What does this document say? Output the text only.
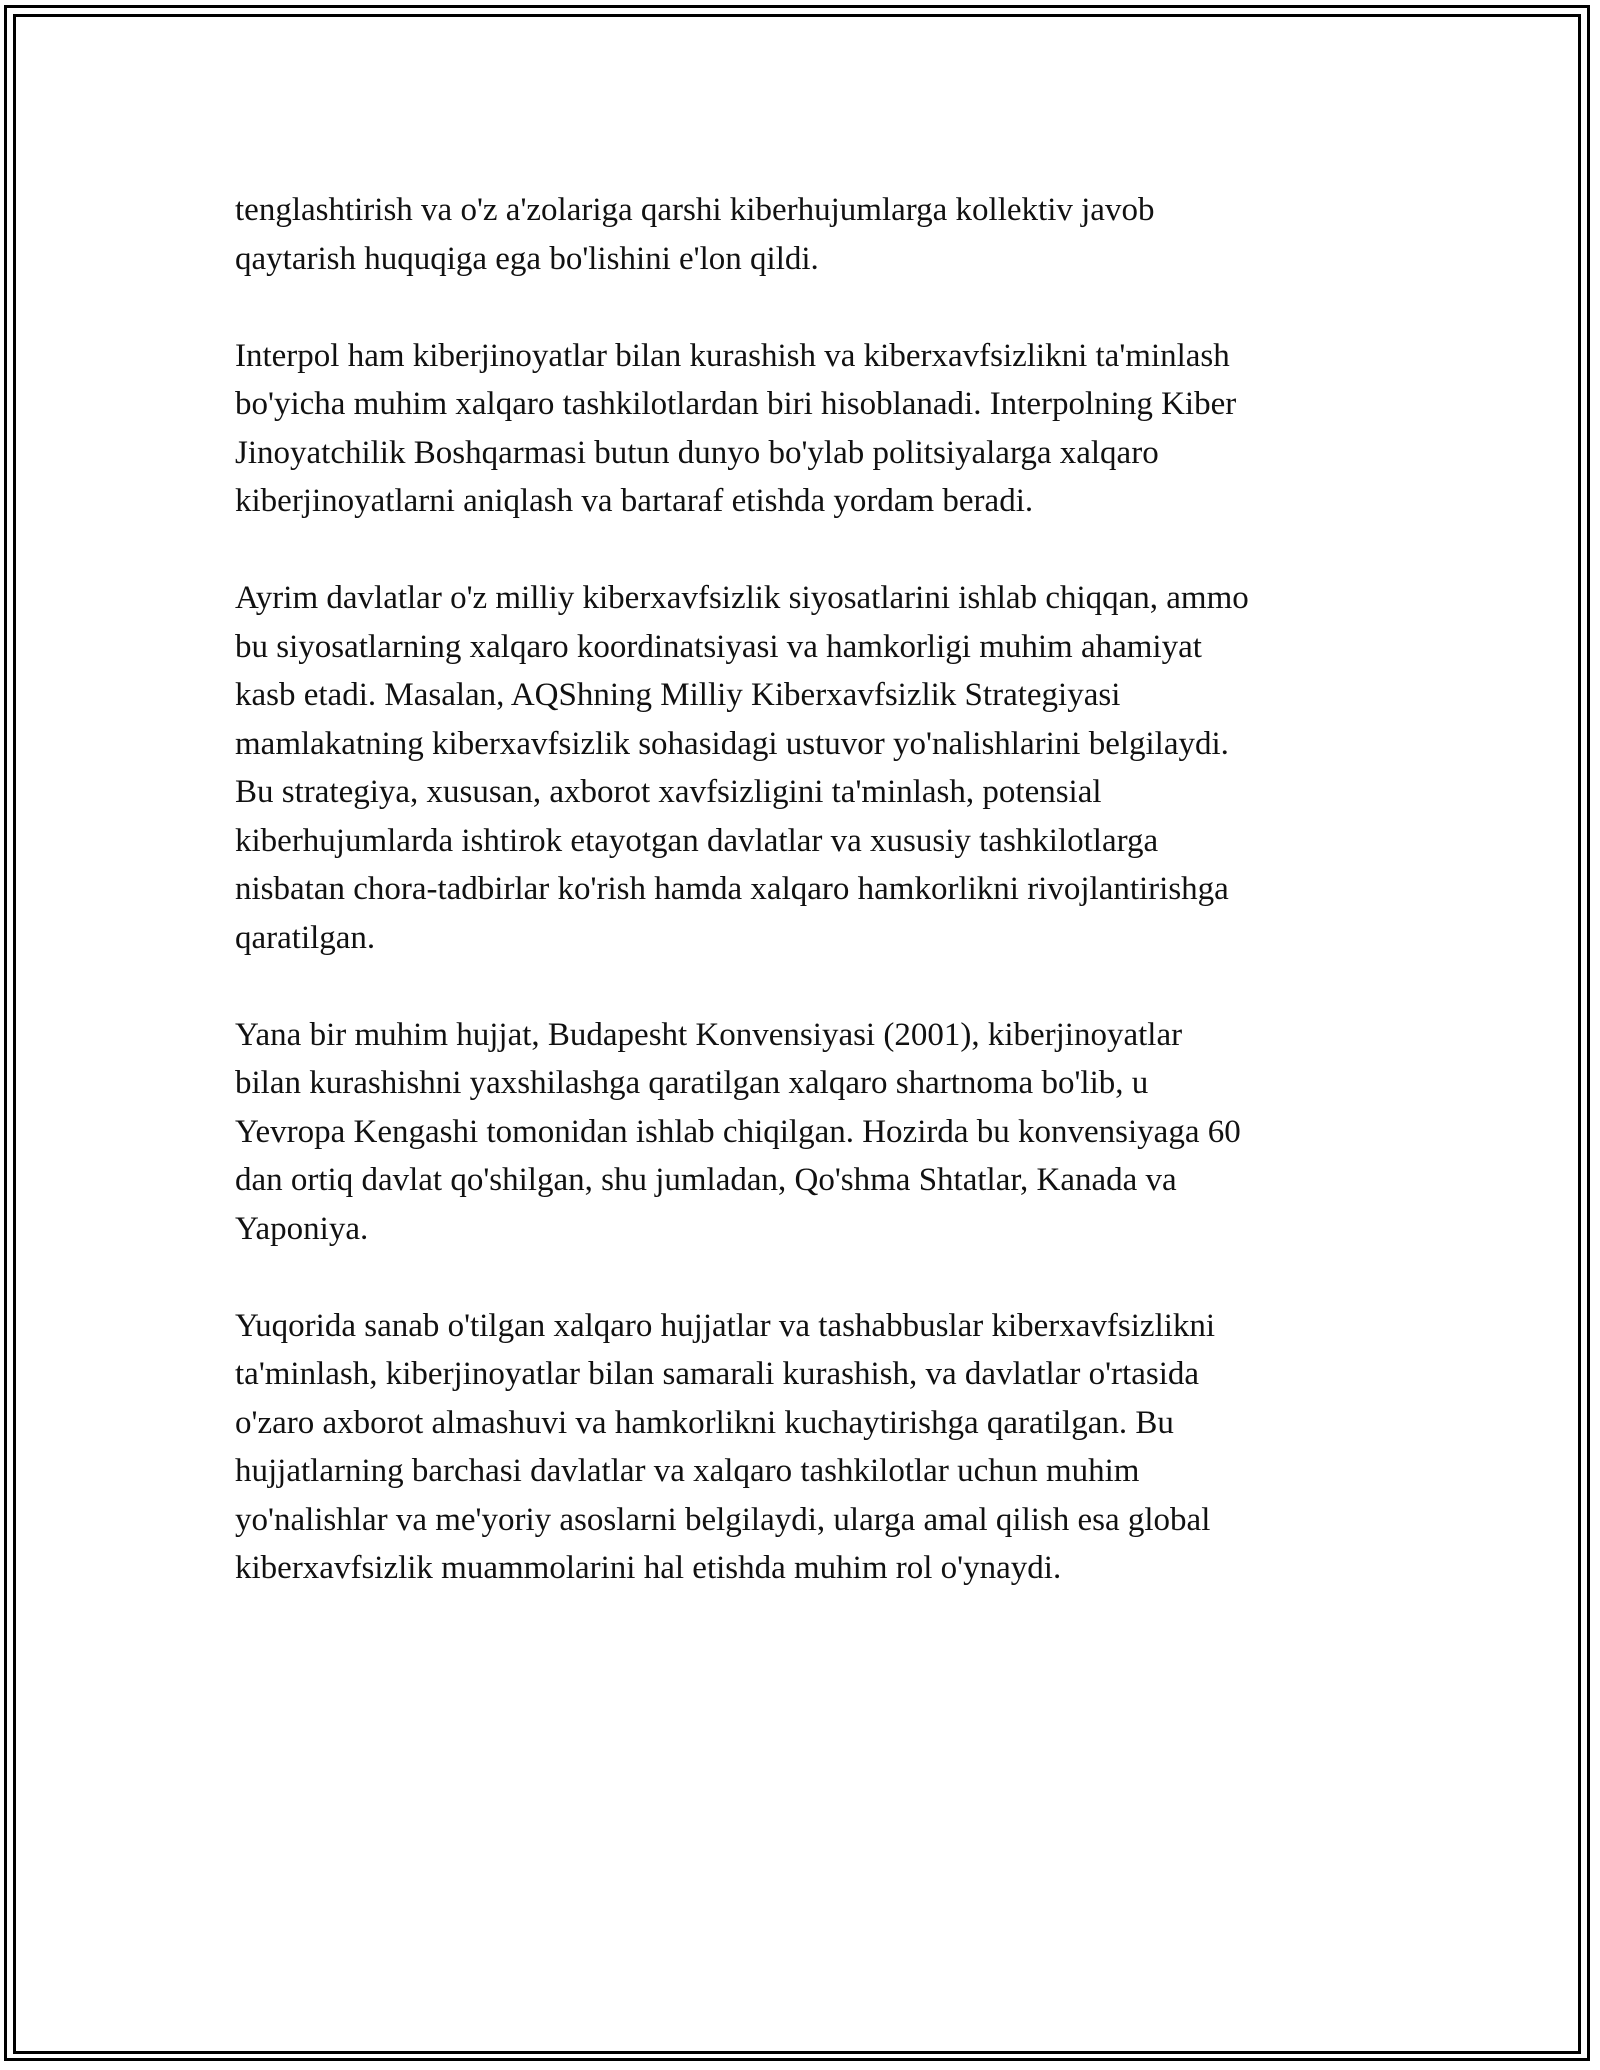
tenglashtirish va o'z a'zolariga qarshi kiberhujumlarga kollektiv javob
qaytarish huquqiga ega bo'lishini e'lon qildi.

Interpol ham kiberjinoyatlar bilan kurashish va kiberxavfsizlikni ta'minlash
bo'yicha muhim xalqaro tashkilotlardan biri hisoblanadi. Interpolning Kiber
Jinoyatchilik Boshqarmasi butun dunyo bo'ylab politsiyalarga xalqaro
kiberjinoyatlarni aniqlash va bartaraf etishda yordam beradi.

Ayrim davlatlar o'z milliy kiberxavfsizlik siyosatlarini ishlab chiqqan, ammo
bu siyosatlarning xalqaro koordinatsiyasi va hamkorligi muhim ahamiyat
kasb etadi. Masalan, AQShning Milliy Kiberxavfsizlik Strategiyasi
mamlakatning kiberxavfsizlik sohasidagi ustuvor yo'nalishlarini belgilaydi.
Bu strategiya, xususan, axborot xavfsizligini ta'minlash, potensial
kiberhujumlarda ishtirok etayotgan davlatlar va xususiy tashkilotlarga
nisbatan chora-tadbirlar ko'rish hamda xalqaro hamkorlikni rivojlantirishga
qaratilgan.

Yana bir muhim hujjat, Budapesht Konvensiyasi (2001), kiberjinoyatlar
bilan kurashishni yaxshilashga qaratilgan xalqaro shartnoma bo'lib, u
Yevropa Kengashi tomonidan ishlab chiqilgan. Hozirda bu konvensiyaga 60
dan ortiq davlat qo'shilgan, shu jumladan, Qo'shma Shtatlar, Kanada va
Yaponiya.

Yuqorida sanab o'tilgan xalqaro hujjatlar va tashabbuslar kiberxavfsizlikni
ta'minlash, kiberjinoyatlar bilan samarali kurashish, va davlatlar o'rtasida
o'zaro axborot almashuvi va hamkorlikni kuchaytirishga qaratilgan. Bu
hujjatlarning barchasi davlatlar va xalqaro tashkilotlar uchun muhim
yo'nalishlar va me'yoriy asoslarni belgilaydi, ularga amal qilish esa global
kiberxavfsizlik muammolarini hal etishda muhim rol o'ynaydi.
